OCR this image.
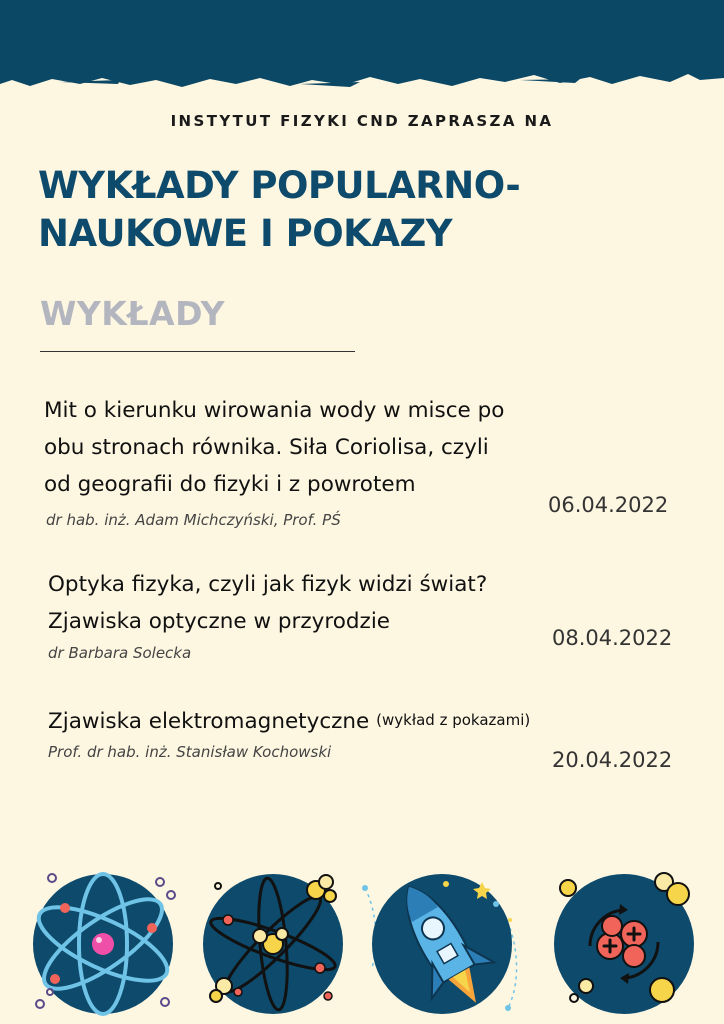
INSTYTUT FIZYKI CND ZAPRASZA NA
WYKŁADY POPULARNO-
NAUKOWE I POKAZY
WYKŁADY
Mit o kierunku wirowania wody w misce po
obu stronach równika. Siła Coriolisa, czyli
od geografii do fizyki i z powrotem
dr hab. inż. Adam Michczyński, Prof. PŚ
06.04.2022
Optyka fizyka, czyli jak fizyk widzi świat?
Zjawiska optyczne w przyrodzie
dr Barbara Solecka
08.04.2022
Zjawiska elektromagnetyczne (wykład z pokazami)
Prof. dr hab. inż. Stanisław Kochowski	20.04.2022
